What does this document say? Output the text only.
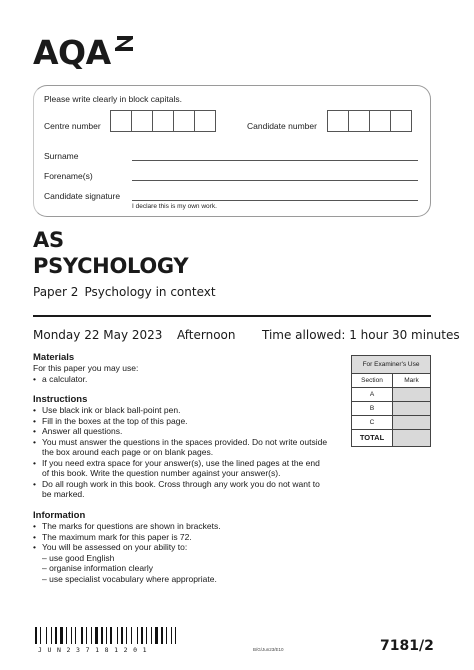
AQA
Please write clearly in block capitals.
Centre number	Candidate number
Surname
Forename(s)
Candidate signature
I declare this is my own work.
AS
PSYCHOLOGY
Paper 2 Psychology in context
Monday 22 May 2023 Afternoon Time allowed: 1 hour 30 minutes
Materials
For this paper you may use:
• a calculator.
Instructions
• Use black ink or black ball-point pen.
• Fill in the boxes at the top of this page.
• Answer all questions.
• You must answer the questions in the spaces provided. Do not write outside the box around each page or on blank pages.
• If you need extra space for your answer(s), use the lined pages at the end of this book. Write the question number against your answer(s).
• Do all rough work in this book. Cross through any work you do not want to be marked.
Information
• The marks for questions are shown in brackets.
• The maximum mark for this paper is 72.
• You will be assessed on your ability to:
– use good English
– organise information clearly
– use specialist vocabulary where appropriate.
For Examiner's Use
Section	Mark
A
B
C
TOTAL
JUN237181201	B/G/Jun23/E10	7181/2
